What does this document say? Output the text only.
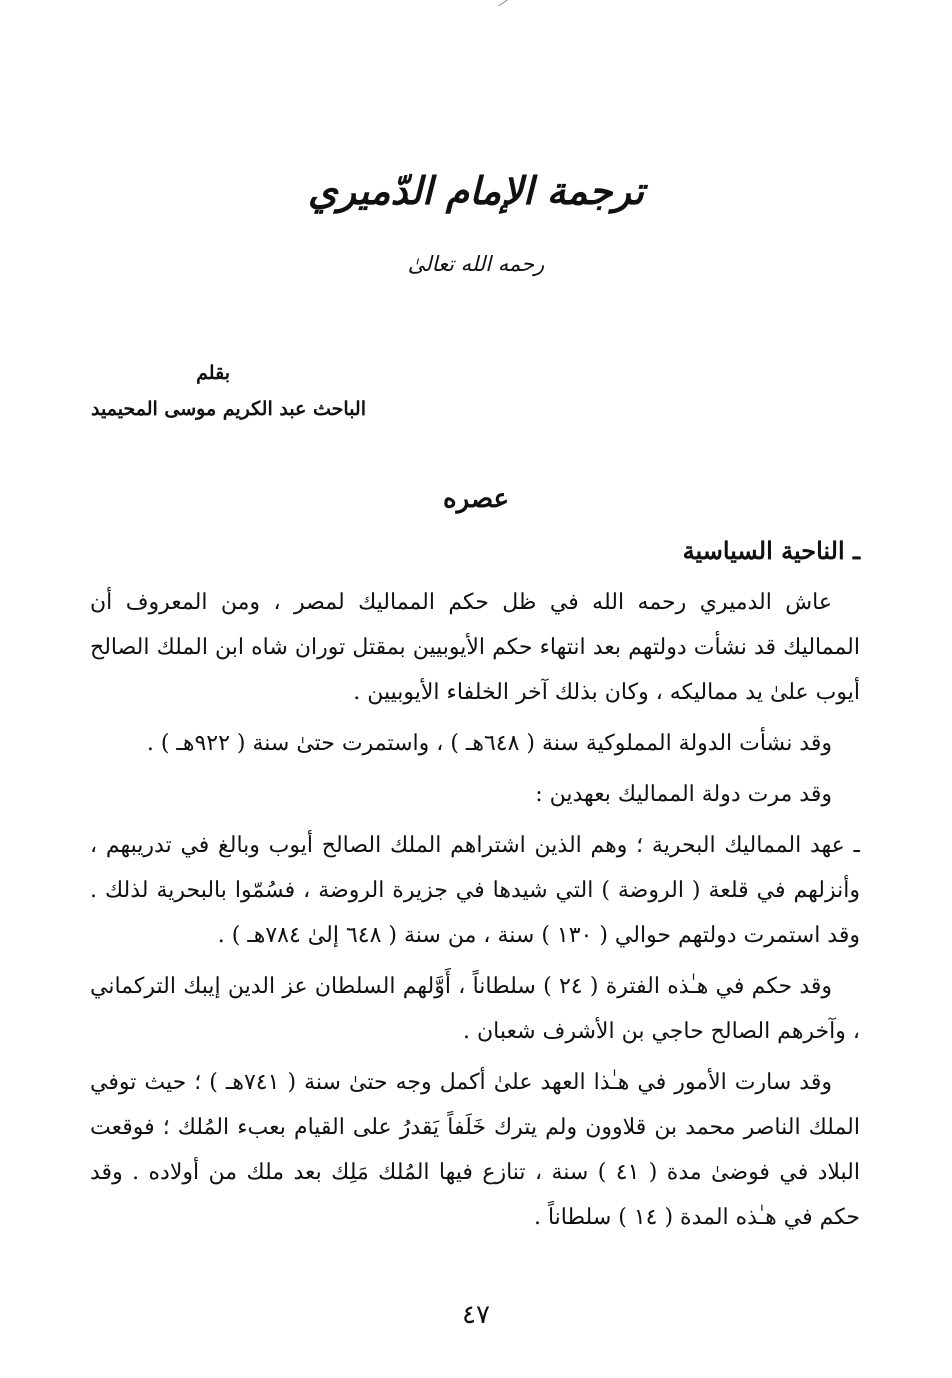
ترجمة الإمام الدّميري
رحمه الله تعالىٰ
بقلم
الباحث عبد الكريم موسى المحيميد
عصره
ـ الناحية السياسية

عاش الدميري رحمه الله في ظل حكم المماليك لمصر ، ومن المعروف أن المماليك قد نشأت دولتهم بعد انتهاء حكم الأيوبيين بمقتل توران شاه ابن الملك الصالح أيوب علىٰ يد مماليكه ، وكان بذلك آخر الخلفاء الأيوبيين .

وقد نشأت الدولة المملوكية سنة ( ٦٤٨هـ ) ، واستمرت حتىٰ سنة ( ٩٢٢هـ ) .

وقد مرت دولة المماليك بعهدين :

ـ عهد المماليك البحرية ؛ وهم الذين اشتراهم الملك الصالح أيوب وبالغ في تدريبهم ، وأنزلهم في قلعة ( الروضة ) التي شيدها في جزيرة الروضة ، فسُمّوا بالبحرية لذلك . وقد استمرت دولتهم حوالي ( ١٣٠ ) سنة ، من سنة ( ٦٤٨ إلىٰ ٧٨٤هـ ) .

وقد حكم في هـٰذه الفترة ( ٢٤ ) سلطاناً ، أَوَّلهم السلطان عز الدين إيبك التركماني ، وآخرهم الصالح حاجي بن الأشرف شعبان .

وقد سارت الأمور في هـٰذا العهد علىٰ أكمل وجه حتىٰ سنة ( ٧٤١هـ ) ؛ حيث توفي الملك الناصر محمد بن قلاوون ولم يترك خَلَفاً يَقدرُ على القيام بعبء المُلك ؛ فوقعت البلاد في فوضىٰ مدة ( ٤١ ) سنة ، تنازع فيها المُلك مَلِك بعد ملك من أولاده . وقد حكم في هـٰذه المدة ( ١٤ ) سلطاناً .

٤٧
